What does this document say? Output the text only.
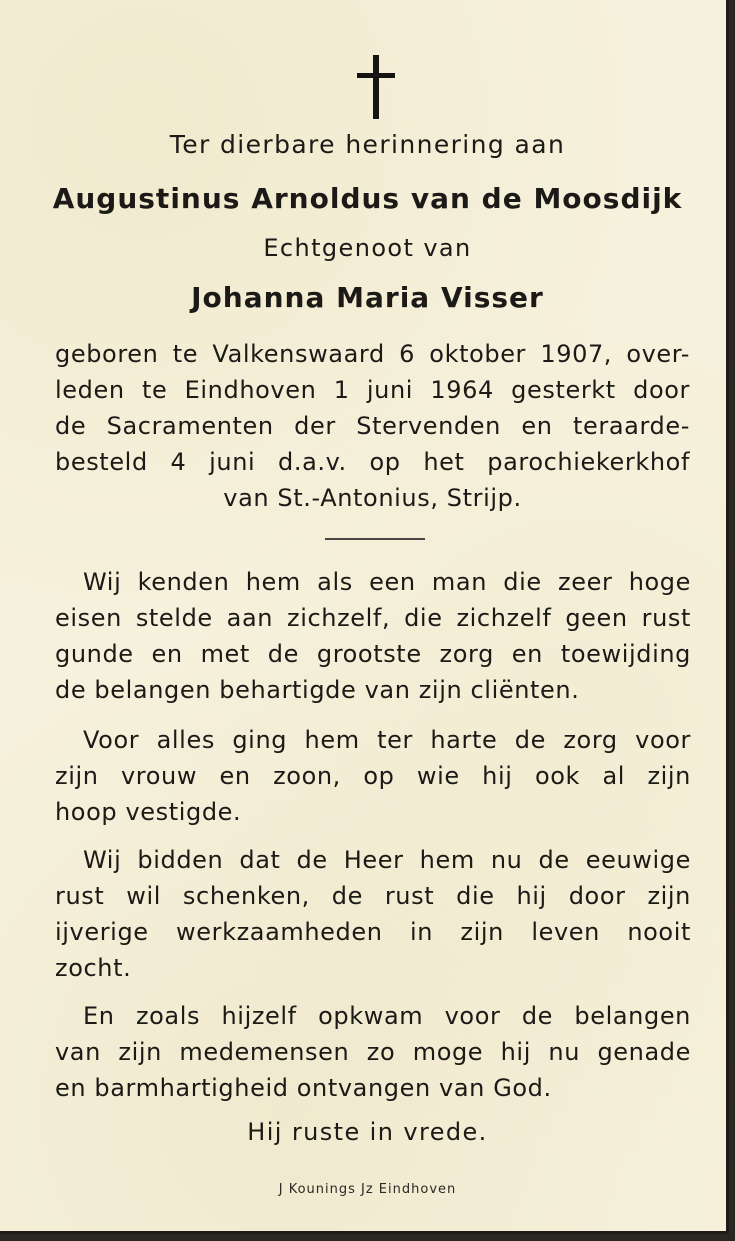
Ter dierbare herinnering aan
Augustinus Arnoldus van de Moosdijk
Echtgenoot van
Johanna Maria Visser
geboren te Valkenswaard 6 oktober 1907, over-
leden te Eindhoven 1 juni 1964 gesterkt door
de Sacramenten der Stervenden en teraarde-
besteld 4 juni d.a.v. op het parochiekerkhof
van St.-Antonius, Strijp.
Wij kenden hem als een man die zeer hoge
eisen stelde aan zichzelf, die zichzelf geen rust
gunde en met de grootste zorg en toewijding
de belangen behartigde van zijn cliënten.
Voor alles ging hem ter harte de zorg voor
zijn vrouw en zoon, op wie hij ook al zijn
hoop vestigde.
Wij bidden dat de Heer hem nu de eeuwige
rust wil schenken, de rust die hij door zijn
ijverige werkzaamheden in zijn leven nooit
zocht.
En zoals hijzelf opkwam voor de belangen
van zijn medemensen zo moge hij nu genade
en barmhartigheid ontvangen van God.
Hij ruste in vrede.
J Kounings Jz Eindhoven
